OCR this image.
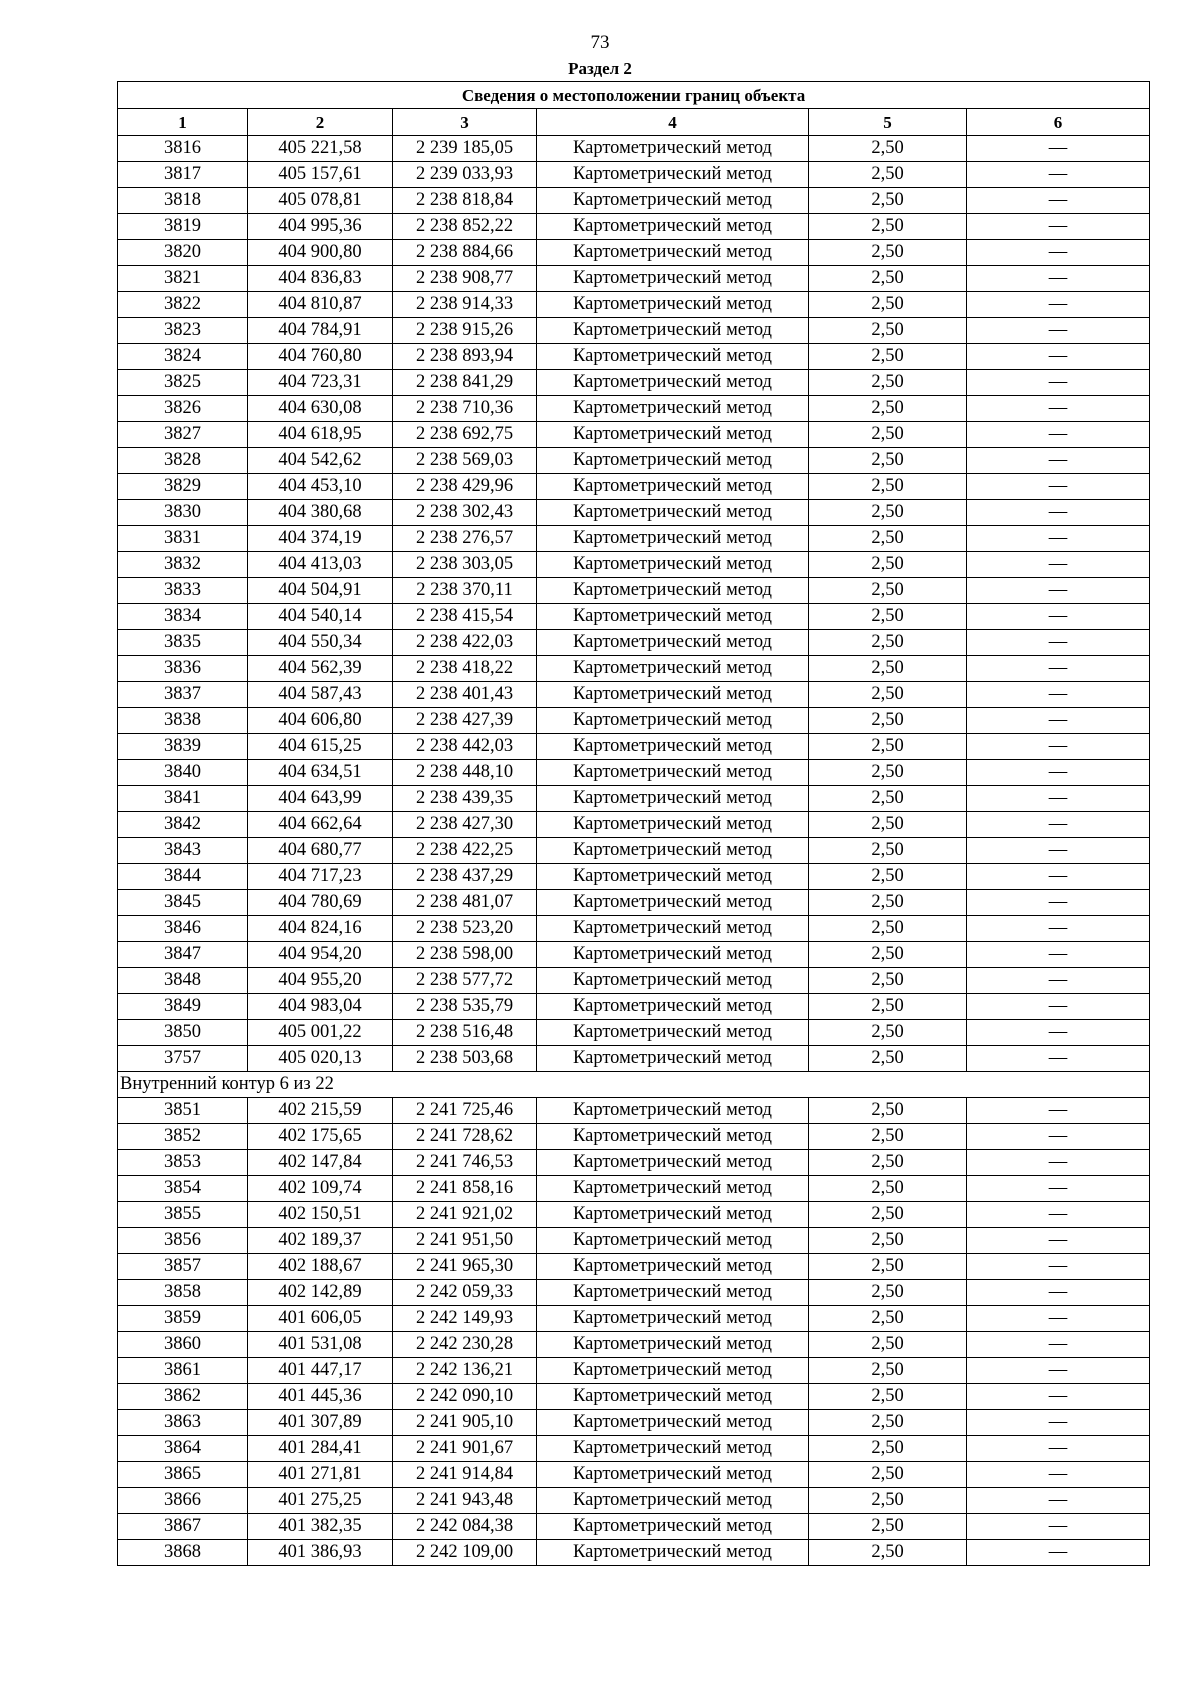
73
Раздел 2
Сведения о местоположении границ объекта					
1	2	3	4	5	6
3816	405 221,58	2 239 185,05	Картометрический метод	2,50	—
3817	405 157,61	2 239 033,93	Картометрический метод	2,50	—
3818	405 078,81	2 238 818,84	Картометрический метод	2,50	—
3819	404 995,36	2 238 852,22	Картометрический метод	2,50	—
3820	404 900,80	2 238 884,66	Картометрический метод	2,50	—
3821	404 836,83	2 238 908,77	Картометрический метод	2,50	—
3822	404 810,87	2 238 914,33	Картометрический метод	2,50	—
3823	404 784,91	2 238 915,26	Картометрический метод	2,50	—
3824	404 760,80	2 238 893,94	Картометрический метод	2,50	—
3825	404 723,31	2 238 841,29	Картометрический метод	2,50	—
3826	404 630,08	2 238 710,36	Картометрический метод	2,50	—
3827	404 618,95	2 238 692,75	Картометрический метод	2,50	—
3828	404 542,62	2 238 569,03	Картометрический метод	2,50	—
3829	404 453,10	2 238 429,96	Картометрический метод	2,50	—
3830	404 380,68	2 238 302,43	Картометрический метод	2,50	—
3831	404 374,19	2 238 276,57	Картометрический метод	2,50	—
3832	404 413,03	2 238 303,05	Картометрический метод	2,50	—
3833	404 504,91	2 238 370,11	Картометрический метод	2,50	—
3834	404 540,14	2 238 415,54	Картометрический метод	2,50	—
3835	404 550,34	2 238 422,03	Картометрический метод	2,50	—
3836	404 562,39	2 238 418,22	Картометрический метод	2,50	—
3837	404 587,43	2 238 401,43	Картометрический метод	2,50	—
3838	404 606,80	2 238 427,39	Картометрический метод	2,50	—
3839	404 615,25	2 238 442,03	Картометрический метод	2,50	—
3840	404 634,51	2 238 448,10	Картометрический метод	2,50	—
3841	404 643,99	2 238 439,35	Картометрический метод	2,50	—
3842	404 662,64	2 238 427,30	Картометрический метод	2,50	—
3843	404 680,77	2 238 422,25	Картометрический метод	2,50	—
3844	404 717,23	2 238 437,29	Картометрический метод	2,50	—
3845	404 780,69	2 238 481,07	Картометрический метод	2,50	—
3846	404 824,16	2 238 523,20	Картометрический метод	2,50	—
3847	404 954,20	2 238 598,00	Картометрический метод	2,50	—
3848	404 955,20	2 238 577,72	Картометрический метод	2,50	—
3849	404 983,04	2 238 535,79	Картометрический метод	2,50	—
3850	405 001,22	2 238 516,48	Картометрический метод	2,50	—
3757	405 020,13	2 238 503,68	Картометрический метод	2,50	—
Внутренний контур 6 из 22					
3851	402 215,59	2 241 725,46	Картометрический метод	2,50	—
3852	402 175,65	2 241 728,62	Картометрический метод	2,50	—
3853	402 147,84	2 241 746,53	Картометрический метод	2,50	—
3854	402 109,74	2 241 858,16	Картометрический метод	2,50	—
3855	402 150,51	2 241 921,02	Картометрический метод	2,50	—
3856	402 189,37	2 241 951,50	Картометрический метод	2,50	—
3857	402 188,67	2 241 965,30	Картометрический метод	2,50	—
3858	402 142,89	2 242 059,33	Картометрический метод	2,50	—
3859	401 606,05	2 242 149,93	Картометрический метод	2,50	—
3860	401 531,08	2 242 230,28	Картометрический метод	2,50	—
3861	401 447,17	2 242 136,21	Картометрический метод	2,50	—
3862	401 445,36	2 242 090,10	Картометрический метод	2,50	—
3863	401 307,89	2 241 905,10	Картометрический метод	2,50	—
3864	401 284,41	2 241 901,67	Картометрический метод	2,50	—
3865	401 271,81	2 241 914,84	Картометрический метод	2,50	—
3866	401 275,25	2 241 943,48	Картометрический метод	2,50	—
3867	401 382,35	2 242 084,38	Картометрический метод	2,50	—
3868	401 386,93	2 242 109,00	Картометрический метод	2,50	—
